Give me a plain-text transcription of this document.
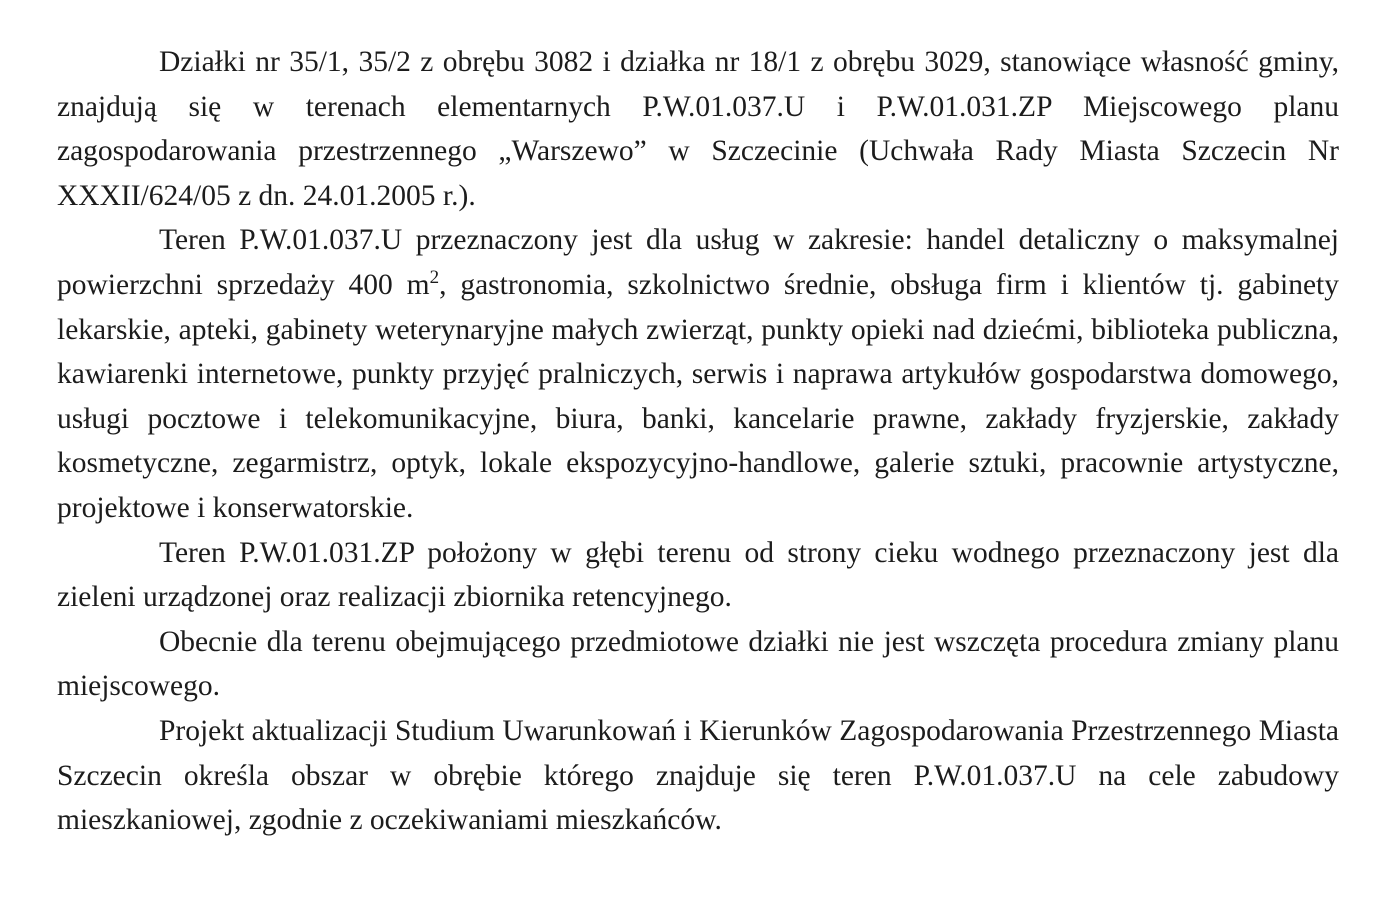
Działki nr 35/1, 35/2 z obrębu 3082 i działka nr 18/1 z obrębu 3029, stanowiące własność gminy, znajdują się w terenach elementarnych P.W.01.037.U i P.W.01.031.ZP Miejscowego planu zagospodarowania przestrzennego „Warszewo” w Szczecinie (Uchwała Rady Miasta Szczecin Nr XXXII/624/05 z dn. 24.01.2005 r.).

Teren P.W.01.037.U przeznaczony jest dla usług w zakresie: handel detaliczny o maksymalnej powierzchni sprzedaży 400 $m^2$, gastronomia, szkolnictwo średnie, obsługa firm i klientów tj. gabinety lekarskie, apteki, gabinety weterynaryjne małych zwierząt, punkty opieki nad dziećmi, biblioteka publiczna, kawiarenki internetowe, punkty przyjęć pralniczych, serwis i naprawa artykułów gospodarstwa domowego, usługi pocztowe i telekomunikacyjne, biura, banki, kancelarie prawne, zakłady fryzjerskie, zakłady kosmetyczne, zegarmistrz, optyk, lokale ekspozycyjno-handlowe, galerie sztuki, pracownie artystyczne, projektowe i konserwatorskie.

Teren P.W.01.031.ZP położony w głębi terenu od strony cieku wodnego przeznaczony jest dla zieleni urządzonej oraz realizacji zbiornika retencyjnego.

Obecnie dla terenu obejmującego przedmiotowe działki nie jest wszczęta procedura zmiany planu miejscowego.

Projekt aktualizacji Studium Uwarunkowań i Kierunków Zagospodarowania Przestrzennego Miasta Szczecin określa obszar w obrębie którego znajduje się teren P.W.01.037.U na cele zabudowy mieszkaniowej, zgodnie z oczekiwaniami mieszkańców.
